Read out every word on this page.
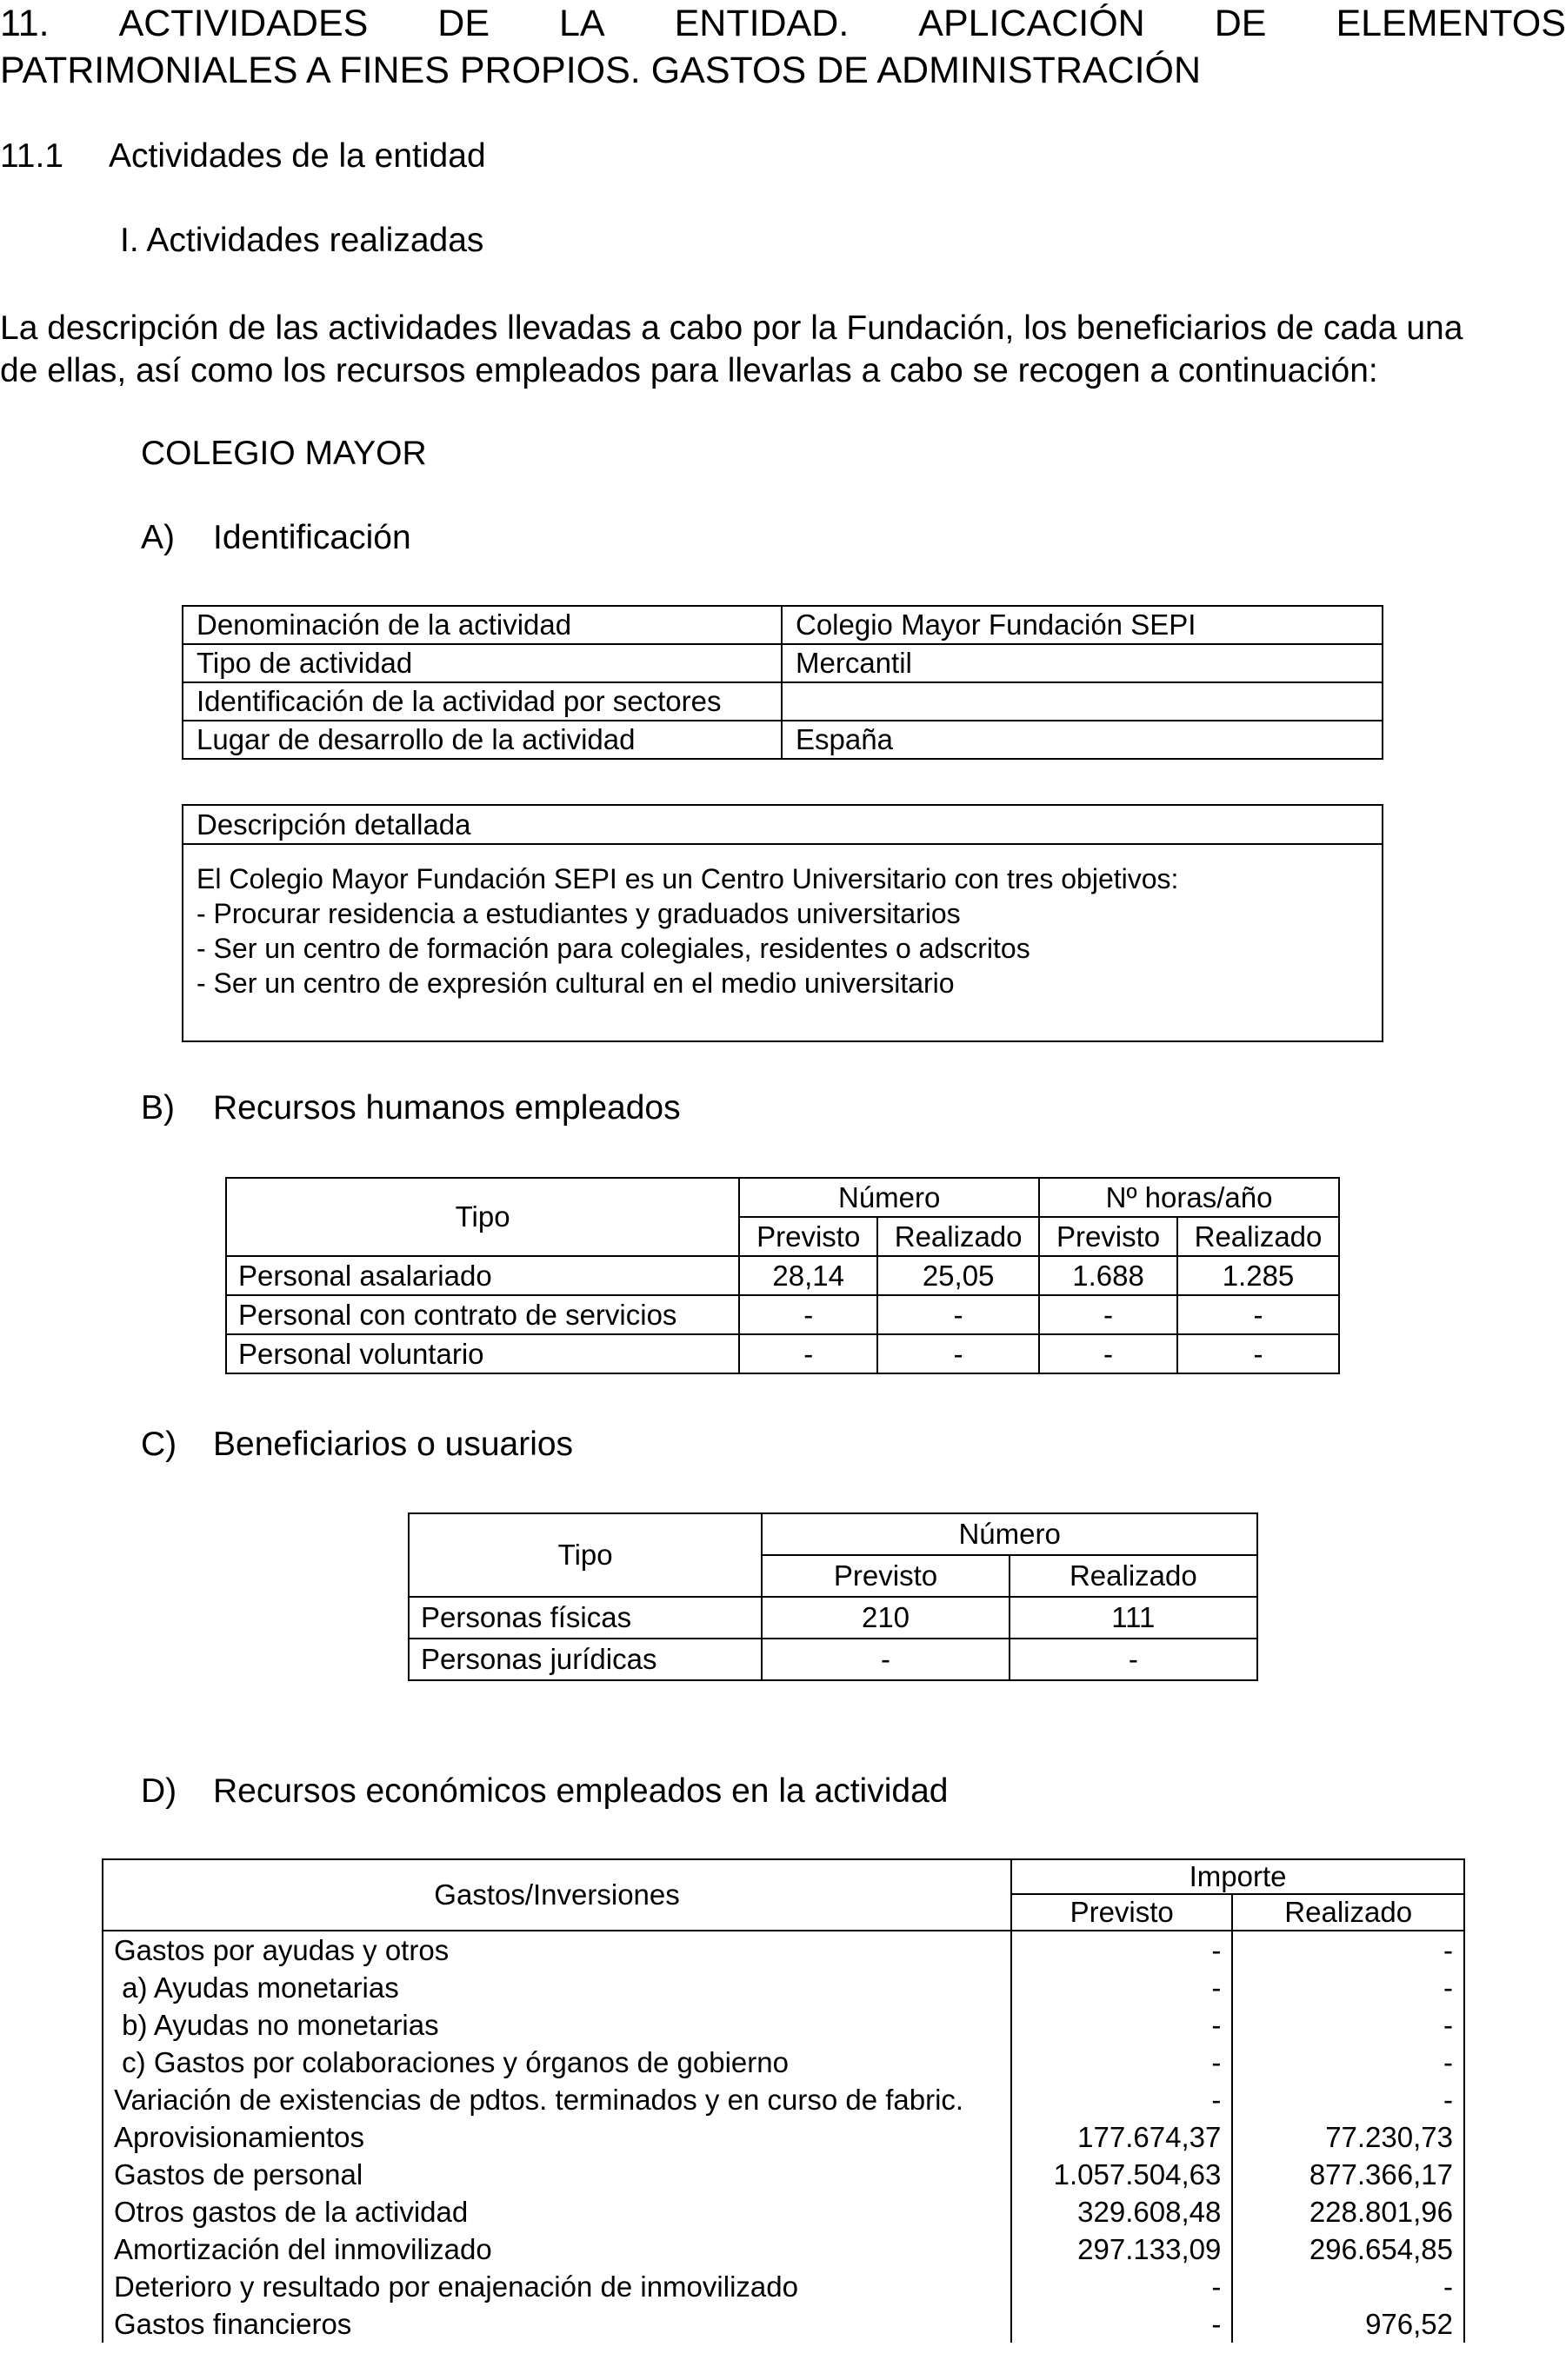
11. ACTIVIDADES DE LA ENTIDAD. APLICACIÓN DE ELEMENTOS
PATRIMONIALES A FINES PROPIOS. GASTOS DE ADMINISTRACIÓN
11.1 Actividades de la entidad
I. Actividades realizadas
La descripción de las actividades llevadas a cabo por la Fundación, los beneficiarios de cada una
de ellas, así como los recursos empleados para llevarlas a cabo se recogen a continuación:
COLEGIO MAYOR
A) Identificación
Denominación de la actividad	Colegio Mayor Fundación SEPI
Tipo de actividad	Mercantil
Identificación de la actividad por sectores	
Lugar de desarrollo de la actividad	España
Descripción detallada
El Colegio Mayor Fundación SEPI es un Centro Universitario con tres objetivos:
- Procurar residencia a estudiantes y graduados universitarios
- Ser un centro de formación para colegiales, residentes o adscritos
- Ser un centro de expresión cultural en el medio universitario
B) Recursos humanos empleados
Tipo	Número		Nº horas/año	
	Previsto	Realizado	Previsto	Realizado
Personal asalariado	28,14	25,05	1.688	1.285
Personal con contrato de servicios	-	-	-	-
Personal voluntario	-	-	-	-
C) Beneficiarios o usuarios
Tipo	Número	
	Previsto	Realizado
Personas físicas	210	111
Personas jurídicas	-	-
D) Recursos económicos empleados en la actividad
Gastos/Inversiones	Importe	
	Previsto	Realizado
Gastos por ayudas y otros	-	-
a) Ayudas monetarias	-	-
b) Ayudas no monetarias	-	-
c) Gastos por colaboraciones y órganos de gobierno	-	-
Variación de existencias de pdtos. terminados y en curso de fabric.	-	-
Aprovisionamientos	177.674,37	77.230,73
Gastos de personal	1.057.504,63	877.366,17
Otros gastos de la actividad	329.608,48	228.801,96
Amortización del inmovilizado	297.133,09	296.654,85
Deterioro y resultado por enajenación de inmovilizado	-	-
Gastos financieros	-	976,52
